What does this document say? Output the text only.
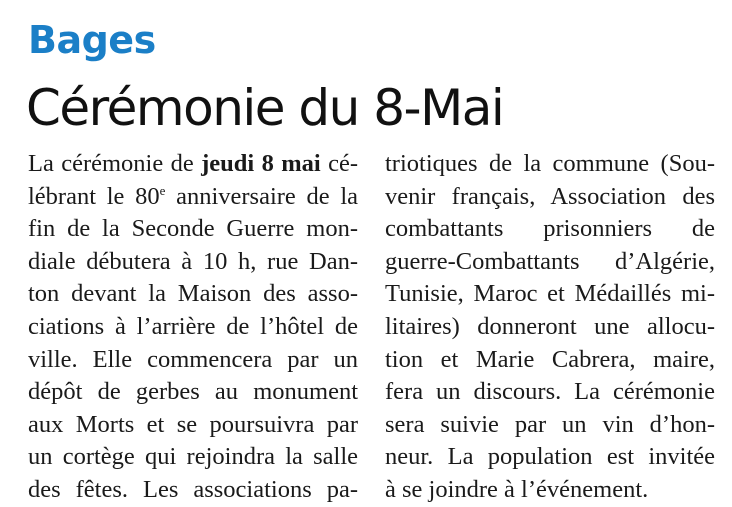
Bages
Cérémonie du 8-Mai
La cérémonie de jeudi 8 mai cé-
lébrant le 80e anniversaire de la
fin de la Seconde Guerre mon-
diale débutera à 10 h, rue Dan-
ton devant la Maison des asso-
ciations à l’arrière de l’hôtel de
ville. Elle commencera par un
dépôt de gerbes au monument
aux Morts et se poursuivra par
un cortège qui rejoindra la salle
des fêtes. Les associations pa-
triotiques de la commune (Sou-
venir français, Association des
combattants prisonniers de
guerre-Combattants d’Algérie,
Tunisie, Maroc et Médaillés mi-
litaires) donneront une allocu-
tion et Marie Cabrera, maire,
fera un discours. La cérémonie
sera suivie par un vin d’hon-
neur. La population est invitée
à se joindre à l’événement.
